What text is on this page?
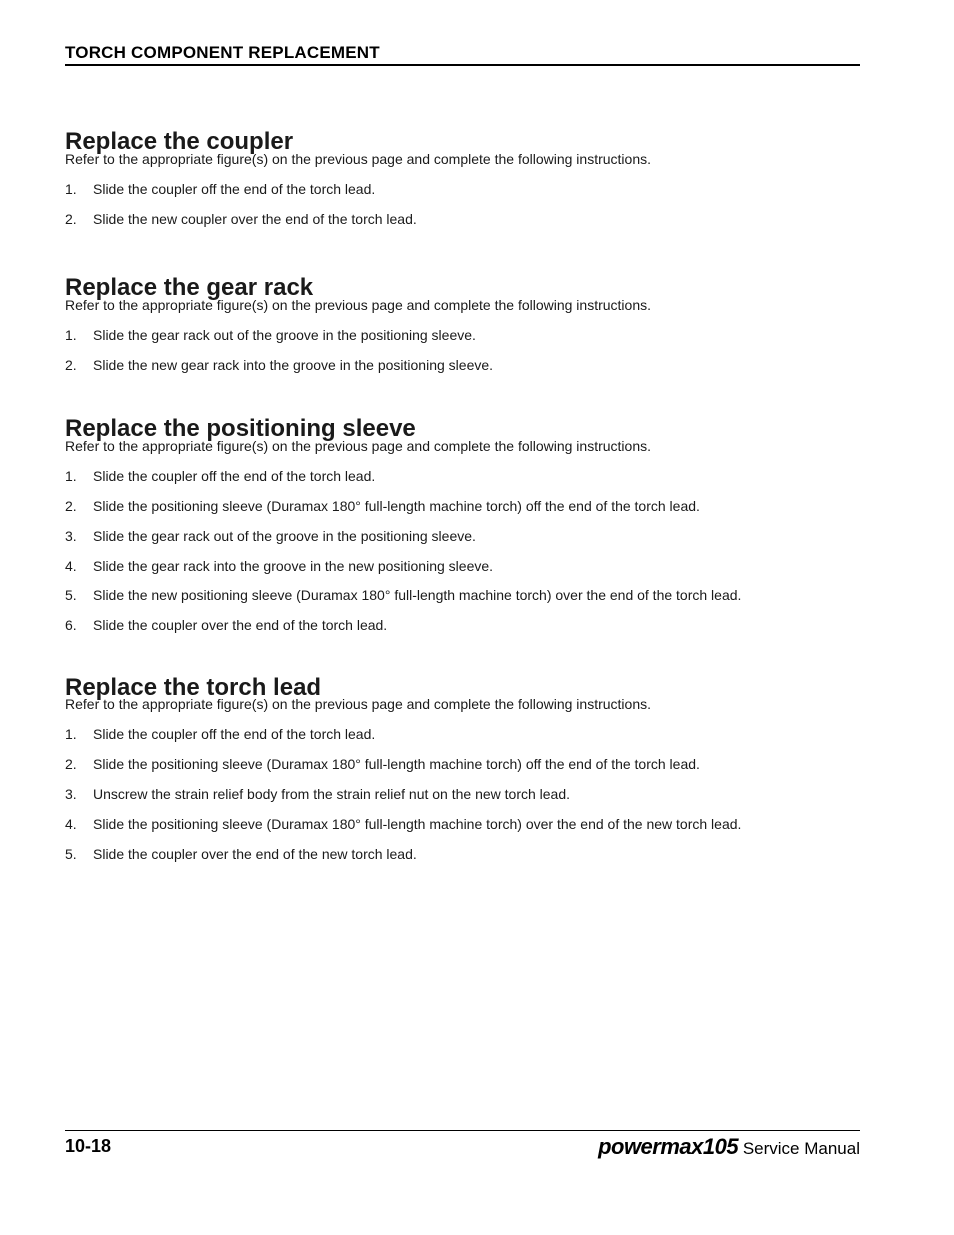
TORCH COMPONENT REPLACEMENT
Replace the coupler
Refer to the appropriate figure(s) on the previous page and complete the following instructions.
1. Slide the coupler off the end of the torch lead.
2. Slide the new coupler over the end of the torch lead.
Replace the gear rack
Refer to the appropriate figure(s) on the previous page and complete the following instructions.
1. Slide the gear rack out of the groove in the positioning sleeve.
2. Slide the new gear rack into the groove in the positioning sleeve.
Replace the positioning sleeve
Refer to the appropriate figure(s) on the previous page and complete the following instructions.
1. Slide the coupler off the end of the torch lead.
2. Slide the positioning sleeve (Duramax 180° full-length machine torch) off the end of the torch lead.
3. Slide the gear rack out of the groove in the positioning sleeve.
4. Slide the gear rack into the groove in the new positioning sleeve.
5. Slide the new positioning sleeve (Duramax 180° full-length machine torch) over the end of the torch lead.
6. Slide the coupler over the end of the torch lead.
Replace the torch lead
Refer to the appropriate figure(s) on the previous page and complete the following instructions.
1. Slide the coupler off the end of the torch lead.
2. Slide the positioning sleeve (Duramax 180° full-length machine torch) off the end of the torch lead.
3. Unscrew the strain relief body from the strain relief nut on the new torch lead.
4. Slide the positioning sleeve (Duramax 180° full-length machine torch) over the end of the new torch lead.
5. Slide the coupler over the end of the new torch lead.
10-18	powermax105 Service Manual
